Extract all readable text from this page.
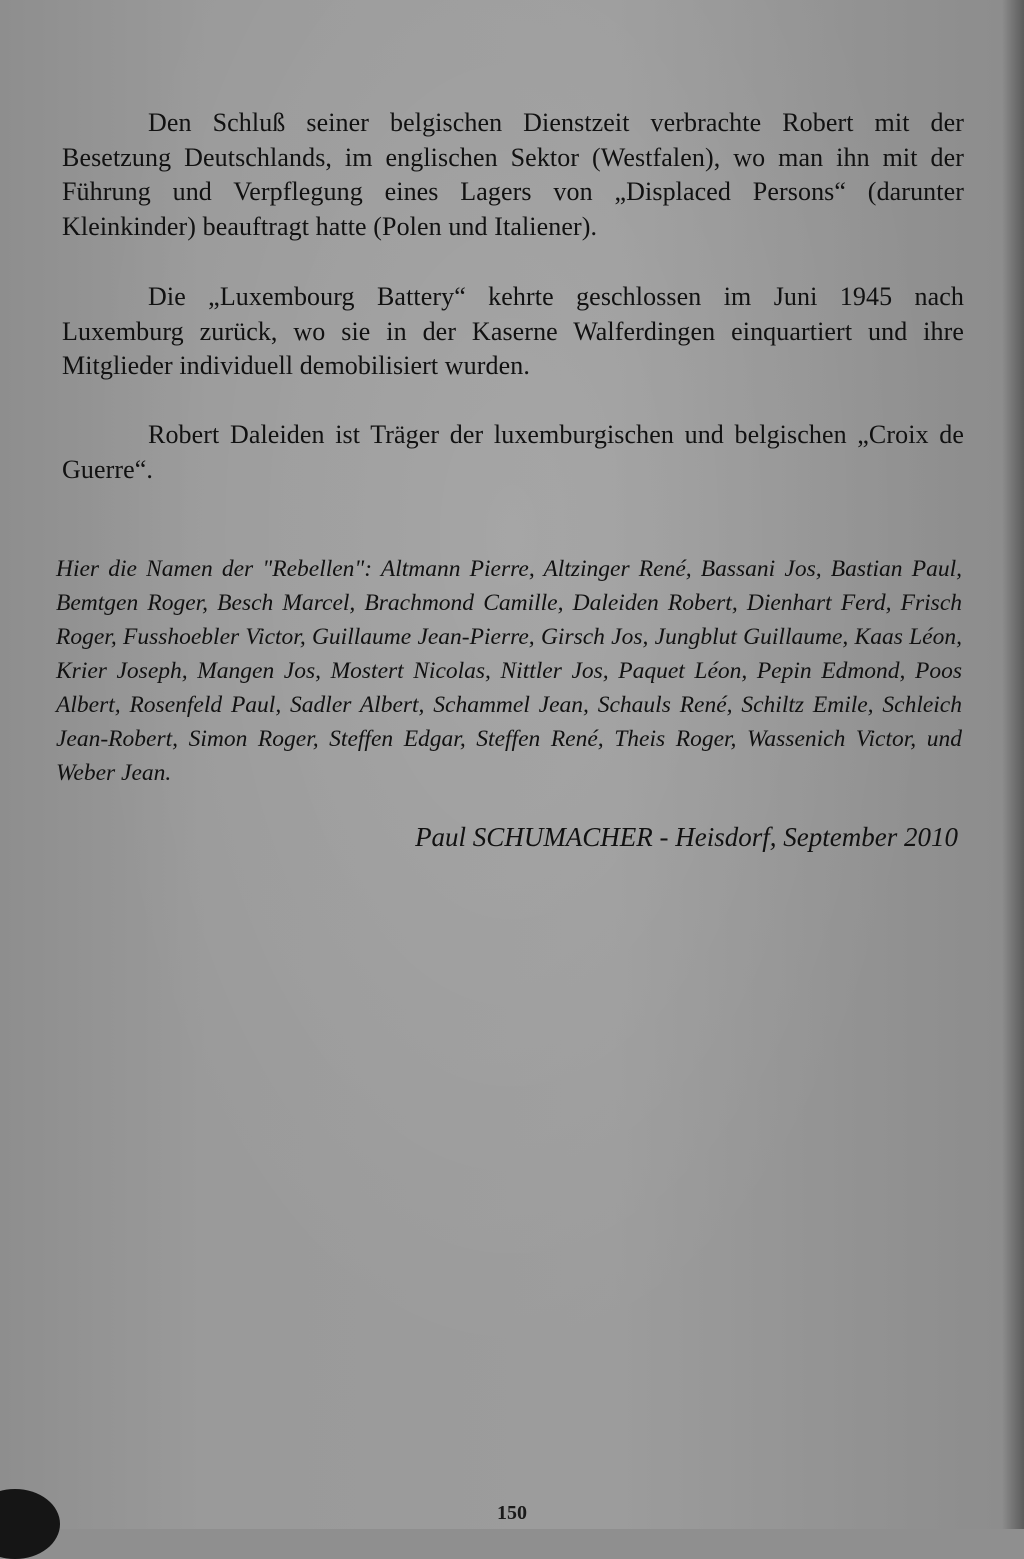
Den Schluß seiner belgischen Dienstzeit verbrachte Robert mit der Besetzung Deutschlands, im englischen Sektor (Westfalen), wo man ihn mit der Führung und Verpflegung eines Lagers von „Displaced Persons“ (darunter Kleinkinder) beauftragt hatte (Polen und Italiener).

Die „Luxembourg Battery“ kehrte geschlossen im Juni 1945 nach Luxemburg zurück, wo sie in der Kaserne Walferdingen einquartiert und ihre Mitglieder individuell demobilisiert wurden.

Robert Daleiden ist Träger der luxemburgischen und belgischen „Croix de Guerre“.

Hier die Namen der "Rebellen": Altmann Pierre, Altzinger René, Bassani Jos, Bastian Paul, Bemtgen Roger, Besch Marcel, Brachmond Camille, Daleiden Robert, Dienhart Ferd, Frisch Roger, Fusshoebler Victor, Guillaume Jean-Pierre, Girsch Jos, Jungblut Guillaume, Kaas Léon, Krier Joseph, Mangen Jos, Mostert Nicolas, Nittler Jos, Paquet Léon, Pepin Edmond, Poos Albert, Rosenfeld Paul, Sadler Albert, Schammel Jean, Schauls René, Schiltz Emile, Schleich Jean-Robert, Simon Roger, Steffen Edgar, Steffen René, Theis Roger, Wassenich Victor, und Weber Jean.

Paul SCHUMACHER - Heisdorf, September 2010

150
